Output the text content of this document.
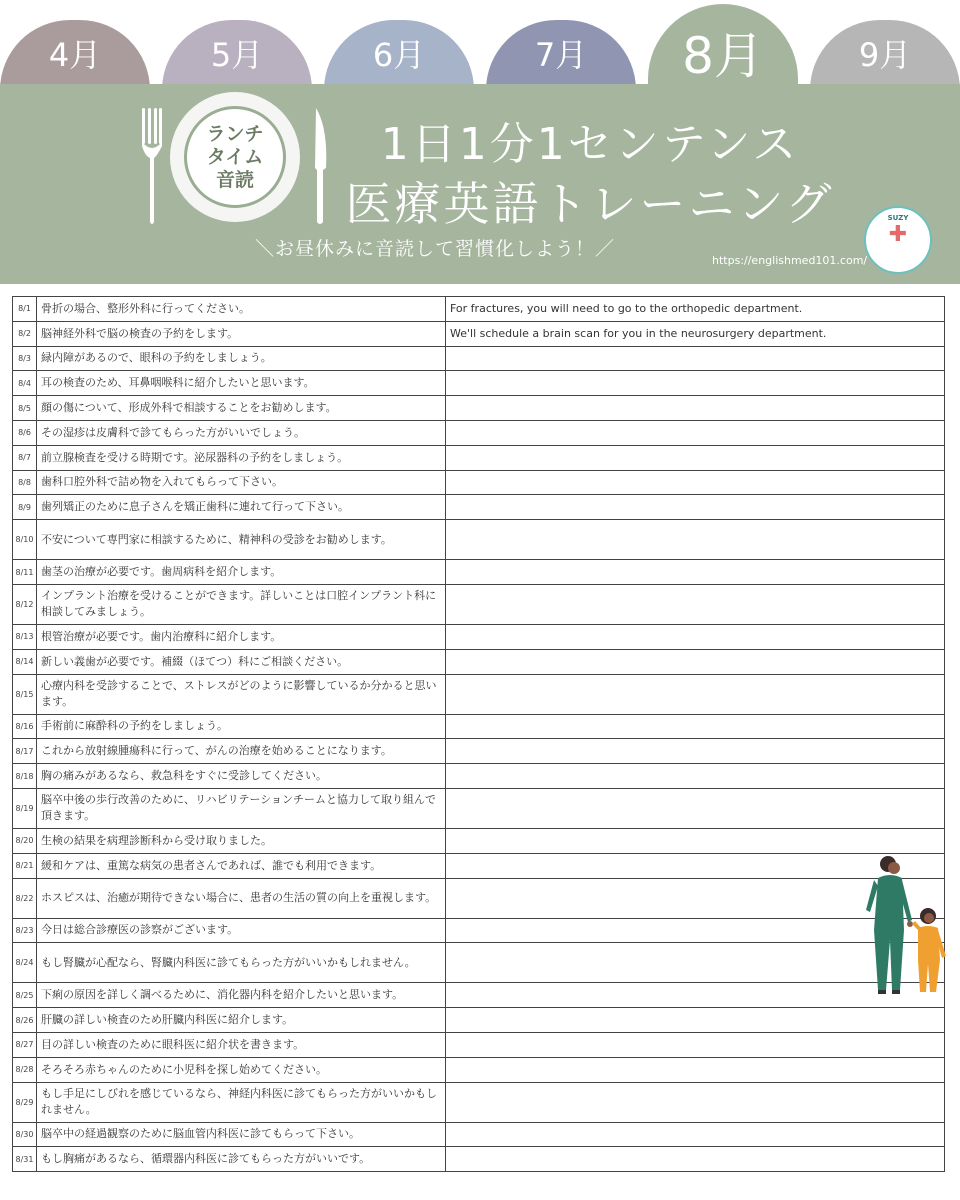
4月	5月	6月	7月	8月	9月
ランチ
タイム
音読
1日1分1センテンス
医療英語トレーニング
＼お昼休みに音読して習慣化しよう！／
https://englishmed101.com/
SUZY
✚
8/1	骨折の場合、整形外科に行ってください。	For fractures, you will need to go to the orthopedic department.
8/2	脳神経外科で脳の検査の予約をします。	We'll schedule a brain scan for you in the neurosurgery department.
8/3	緑内障があるので、眼科の予約をしましょう。	
8/4	耳の検査のため、耳鼻咽喉科に紹介したいと思います。	
8/5	顔の傷について、形成外科で相談することをお勧めします。	
8/6	その湿疹は皮膚科で診てもらった方がいいでしょう。	
8/7	前立腺検査を受ける時期です。泌尿器科の予約をしましょう。	
8/8	歯科口腔外科で詰め物を入れてもらって下さい。	
8/9	歯列矯正のために息子さんを矯正歯科に連れて行って下さい。	
8/10	不安について専門家に相談するために、精神科の受診をお勧めします。	
8/11	歯茎の治療が必要です。歯周病科を紹介します。	
8/12	インプラント治療を受けることができます。詳しいことは口腔インプラント科に相談してみましょう。	
8/13	根管治療が必要です。歯内治療科に紹介します。	
8/14	新しい義歯が必要です。補綴（ほてつ）科にご相談ください。	
8/15	心療内科を受診することで、ストレスがどのように影響しているか分かると思います。	
8/16	手術前に麻酔科の予約をしましょう。	
8/17	これから放射線腫瘍科に行って、がんの治療を始めることになります。	
8/18	胸の痛みがあるなら、救急科をすぐに受診してください。	
8/19	脳卒中後の歩行改善のために、リハビリテーションチームと協力して取り組んで頂きます。	
8/20	生検の結果を病理診断科から受け取りました。	
8/21	緩和ケアは、重篤な病気の患者さんであれば、誰でも利用できます。	
8/22	ホスピスは、治癒が期待できない場合に、患者の生活の質の向上を重視します。	
8/23	今日は総合診療医の診察がございます。	
8/24	もし腎臓が心配なら、腎臓内科医に診てもらった方がいいかもしれません。	
8/25	下痢の原因を詳しく調べるために、消化器内科を紹介したいと思います。	
8/26	肝臓の詳しい検査のため肝臓内科医に紹介します。	
8/27	目の詳しい検査のために眼科医に紹介状を書きます。	
8/28	そろそろ赤ちゃんのために小児科を探し始めてください。	
8/29	もし手足にしびれを感じているなら、神経内科医に診てもらった方がいいかもしれません。	
8/30	脳卒中の経過観察のために脳血管内科医に診てもらって下さい。	
8/31	もし胸痛があるなら、循環器内科医に診てもらった方がいいです。	
